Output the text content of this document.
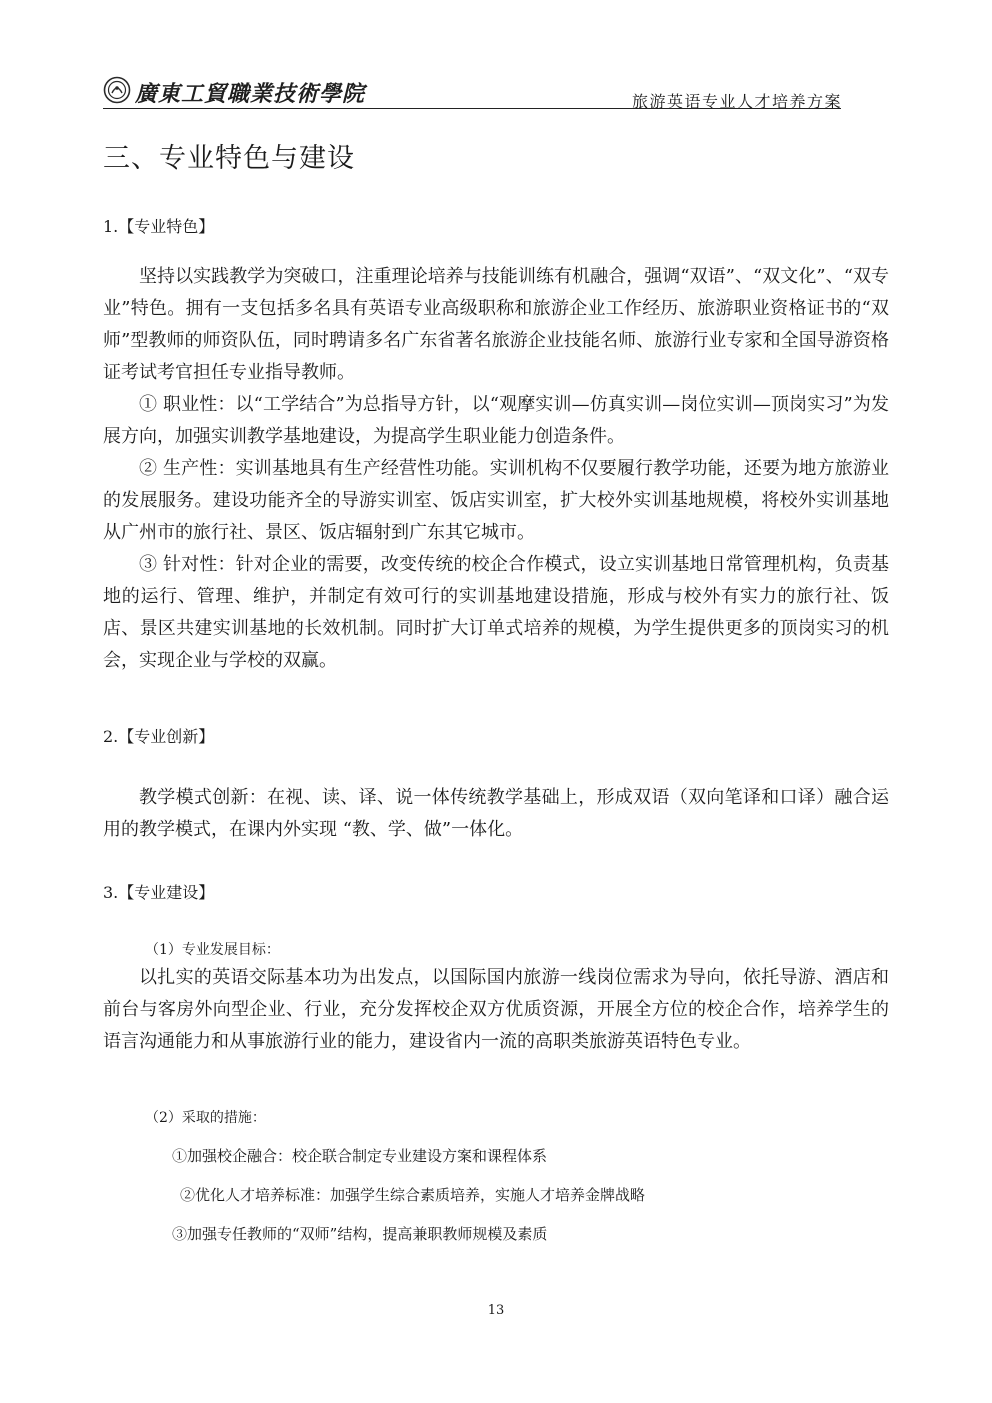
廣東工貿職業技術學院	旅游英语专业人才培养方案
三、专业特色与建设
1.【专业特色】

坚持以实践教学为突破口，注重理论培养与技能训练有机融合，强调“双语”、“双文化”、“双专业”特色。拥有一支包括多名具有英语专业高级职称和旅游企业工作经历、旅游职业资格证书的“双师”型教师的师资队伍，同时聘请多名广东省著名旅游企业技能名师、旅游行业专家和全国导游资格证考试考官担任专业指导教师。

① 职业性：以“工学结合”为总指导方针，以“观摩实训—仿真实训—岗位实训—顶岗实习”为发展方向，加强实训教学基地建设，为提高学生职业能力创造条件。

② 生产性：实训基地具有生产经营性功能。实训机构不仅要履行教学功能，还要为地方旅游业的发展服务。建设功能齐全的导游实训室、饭店实训室，扩大校外实训基地规模，将校外实训基地从广州市的旅行社、景区、饭店辐射到广东其它城市。

③ 针对性：针对企业的需要，改变传统的校企合作模式，设立实训基地日常管理机构，负责基地的运行、管理、维护，并制定有效可行的实训基地建设措施，形成与校外有实力的旅行社、饭店、景区共建实训基地的长效机制。同时扩大订单式培养的规模，为学生提供更多的顶岗实习的机会，实现企业与学校的双赢。

2.【专业创新】

教学模式创新：在视、读、译、说一体传统教学基础上，形成双语（双向笔译和口译）融合运用的教学模式，在课内外实现 “教、学、做”一体化。

3.【专业建设】
（1）专业发展目标：

以扎实的英语交际基本功为出发点，以国际国内旅游一线岗位需求为导向，依托导游、酒店和前台与客房外向型企业、行业，充分发挥校企双方优质资源，开展全方位的校企合作，培养学生的语言沟通能力和从事旅游行业的能力，建设省内一流的高职类旅游英语特色专业。

（2）采取的措施：
①加强校企融合：校企联合制定专业建设方案和课程体系
②优化人才培养标准：加强学生综合素质培养，实施人才培养金牌战略
③加强专任教师的“双师”结构，提高兼职教师规模及素质
13
